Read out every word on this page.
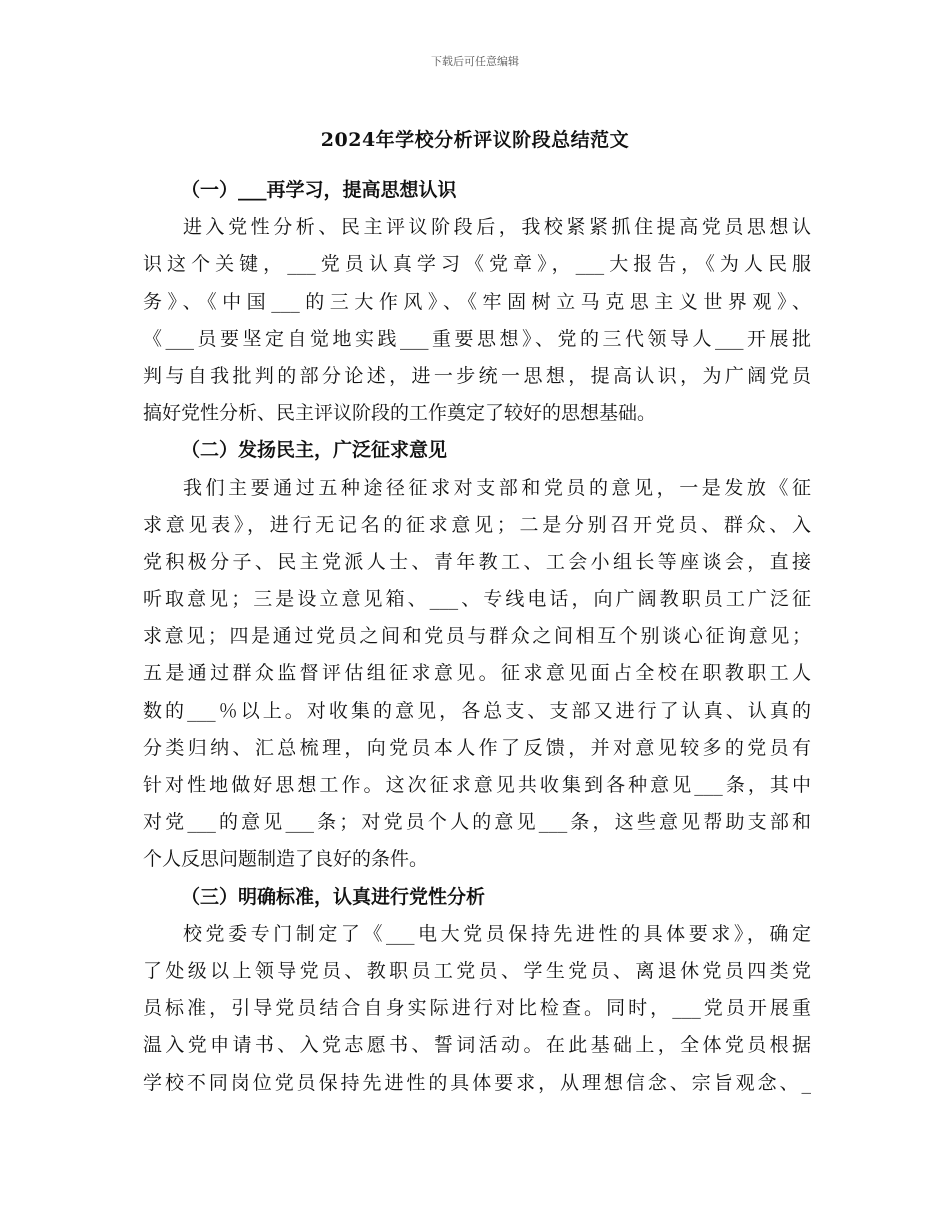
下载后可任意编辑
2024年学校分析评议阶段总结范文
（一）___再学习，提高思想认识
进入党性分析、民主评议阶段后，我校紧紧抓住提高党员思想认
识这个关键，___党员认真学习《党章》，___大报告，《为人民服
务》、《中国___的三大作风》、《牢固树立马克思主义世界观》、
《___员要坚定自觉地实践___重要思想》、党的三代领导人___开展批
判与自我批判的部分论述，进一步统一思想，提高认识，为广阔党员
搞好党性分析、民主评议阶段的工作奠定了较好的思想基础。
（二）发扬民主，广泛征求意见
我们主要通过五种途径征求对支部和党员的意见，一是发放《征
求意见表》，进行无记名的征求意见；二是分别召开党员、群众、入
党积极分子、民主党派人士、青年教工、工会小组长等座谈会，直接
听取意见；三是设立意见箱、___、专线电话，向广阔教职员工广泛征
求意见；四是通过党员之间和党员与群众之间相互个别谈心征询意见；
五是通过群众监督评估组征求意见。征求意见面占全校在职教职工人
数的___％以上。对收集的意见，各总支、支部又进行了认真、认真的
分类归纳、汇总梳理，向党员本人作了反馈，并对意见较多的党员有
针对性地做好思想工作。这次征求意见共收集到各种意见___条，其中
对党___的意见___条；对党员个人的意见___条，这些意见帮助支部和
个人反思问题制造了良好的条件。
（三）明确标准，认真进行党性分析
校党委专门制定了《___电大党员保持先进性的具体要求》，确定
了处级以上领导党员、教职员工党员、学生党员、离退休党员四类党
员标准，引导党员结合自身实际进行对比检查。同时，___党员开展重
温入党申请书、入党志愿书、誓词活动。在此基础上，全体党员根据
学校不同岗位党员保持先进性的具体要求，从理想信念、宗旨观念、_
